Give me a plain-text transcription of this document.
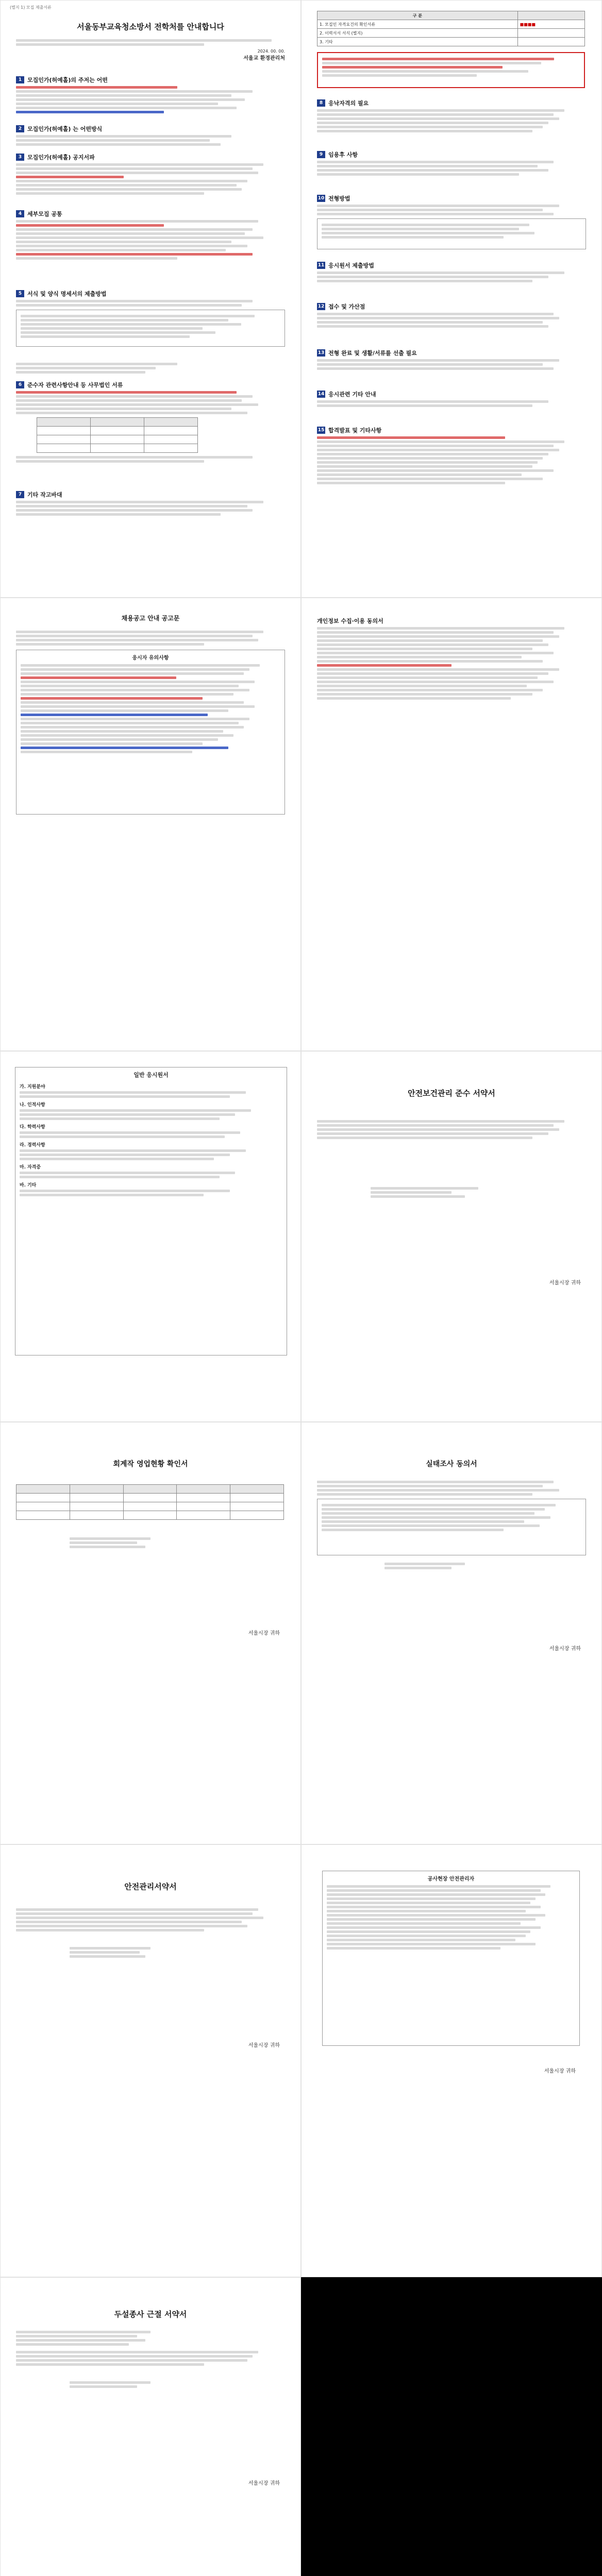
(별지 1) 모집 제출서류
서울동부교육청소방서 전학처를 안내합니다
2024. 00. 00.
서울교 환경관리처
1 모집인가(허예홀)의 주저는 어떤
2 모집인가(허예홀) 는 어떤방식
3 모집인가(허예홀) 공지서파
4 세부모집 공통
5 서식 및 양식 명세서의 제출방법
6 준수자 관련사항안내 등 사무법인 서류

7 기타 작고바대
구 분	
1. 모집인 자격요건의 확인서류	■■■■
2. 이력서서 서식 (별지)	
3. 기타	
8 응낙자격의 필요
9 임용후 사항
10 전형방법
11 응시원서 제출방법
12 접수 및 가산점
13 전형 완료 및 생활/서류를 선출 필요
14 응시관련 기타 안내
15 합격발표 및 기타사항
채용공고 안내 공고문
응시자 유의사항
개인정보 수집·이용 동의서
일반 응시원서
가. 지원분야
나. 인적사항
다. 학력사항
라. 경력사항
마. 자격증
바. 기타
안전보건관리 준수 서약서
서울시장 귀하
회계작 영업현황 확인서

서울시장 귀하
실태조사 동의서
서울시장 귀하
안전관리서약서
서울시장 귀하
공사현장 안전관리자
서울시장 귀하
두설종사 근절 서약서
서울시장 귀하
